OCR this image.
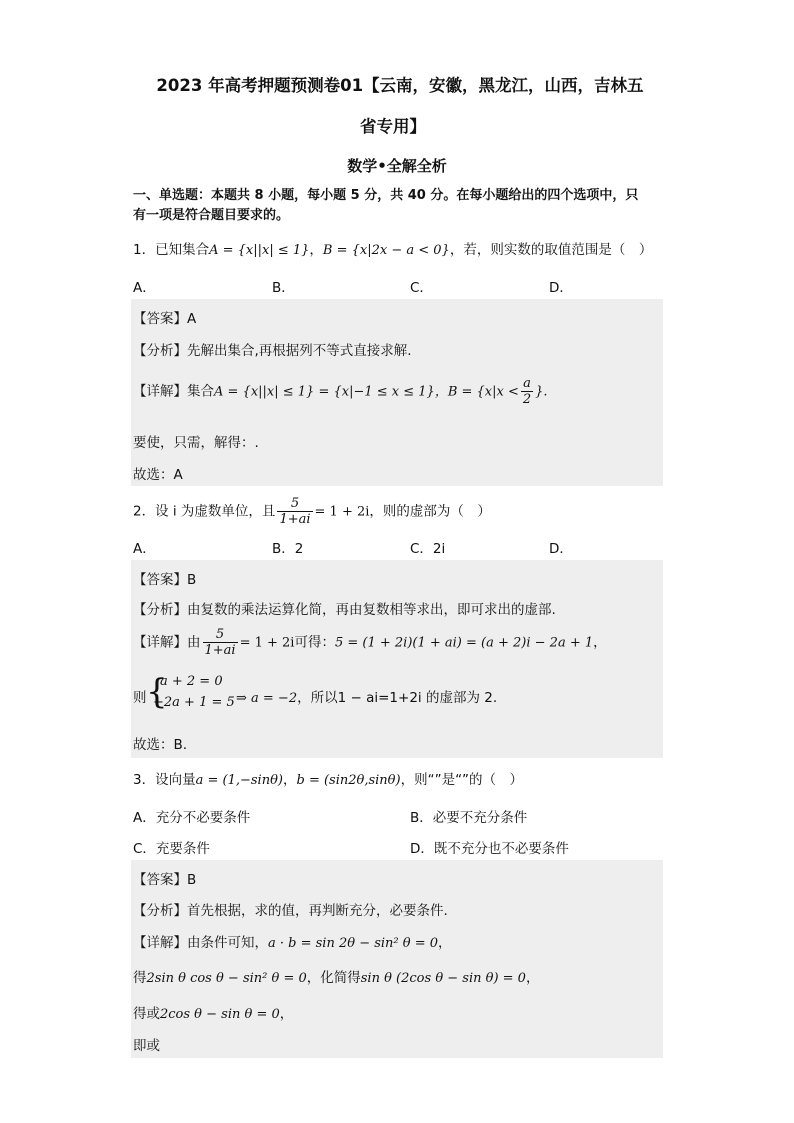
2023 年高考押题预测卷01【云南，安徽，黑龙江，山西，吉林五
省专用】
数学•全解全析
一、单选题：本题共 8 小题，每小题 5 分，共 40 分。在每小题给出的四个选项中，只
有一项是符合题目要求的。
1．已知集合A = {x||x| ≤ 1}，B = {x|2x − a < 0}，若，则实数的取值范围是（　）
A．	B．	C．	D．
【答案】A
【分析】先解出集合,再根据列不等式直接求解.
【详解】集合A = {x||x| ≤ 1} = {x|−1 ≤ x ≤ 1}，$B = \{x|x < \frac{a}{2}$ }.
要使，只需，解得：.
故选：A
2．设 i 为虚数单位，且 $\frac{5}{1+ai} = 1 + 2i$，则的虚部为（　）
A．	B．2	C．2i	D．
【答案】B
【分析】由复数的乘法运算化简，再由复数相等求出，即可求出的虚部.
【详解】由 $\frac{5}{1+ai} = 1 + 2i$可得：5 = (1 + 2i)(1 + ai) = (a + 2)i − 2a + 1，
则 {
a + 2 = 0
−2a + 1 = 5 ⇒ a = −2，所以1 − ai=1+2i 的虚部为 2.
故选：B.
3．设向量a = (1,−sinθ)，b = (sin2θ,sinθ)，则“”是“”的（　）
A．充分不必要条件	B．必要不充分条件
C．充要条件	D．既不充分也不必要条件
【答案】B
【分析】首先根据，求的值，再判断充分，必要条件.
【详解】由条件可知，a · b = sin 2θ − sin² θ = 0，
得2sin θ cos θ − sin² θ = 0，化简得sin θ (2cos θ − sin θ) = 0，
得或2cos θ − sin θ = 0，
即或
